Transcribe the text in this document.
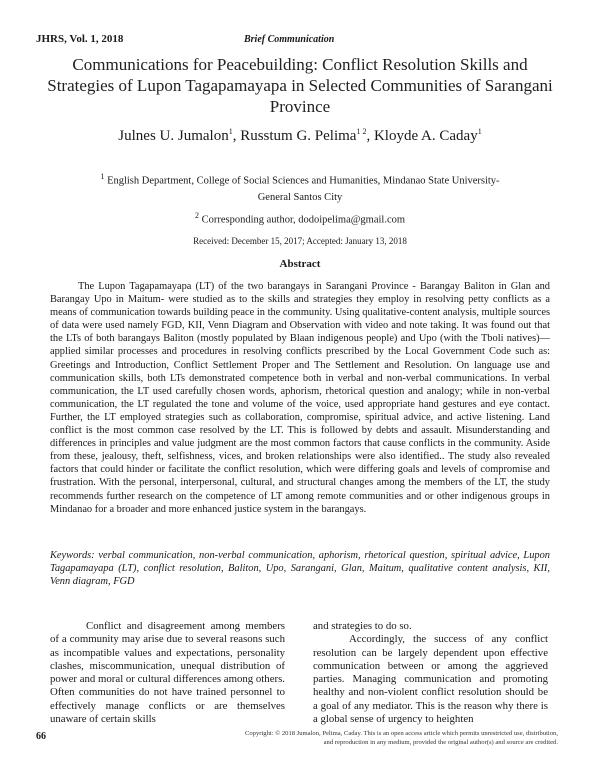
JHRS, Vol. 1, 2018	Brief Communication
Communications for Peacebuilding: Conflict Resolution Skills and Strategies of Lupon Tagapamayapa in Selected Communities of Sarangani Province
Julnes U. Jumalon$^1$, Russtum G. Pelima$^{1 2}$, Kloyde A. Caday$^1$
$^1$ English Department, College of Social Sciences and Humanities, Mindanao State University-
General Santos City
$^2$ Corresponding author, dodoipelima@gmail.com
Received: December 15, 2017; Accepted: January 13, 2018
Abstract

The Lupon Tagapamayapa (LT) of the two barangays in Sarangani Province - Barangay Baliton in Glan and Barangay Upo in Maitum- were studied as to the skills and strategies they employ in resolving petty conflicts as a means of communication towards building peace in the community. Using qualitative-content analysis, multiple sources of data were used namely FGD, KII, Venn Diagram and Observation with video and note taking. It was found out that the LTs of both barangays Baliton (mostly populated by Blaan indigenous people) and Upo (with the Tboli natives)—applied similar processes and procedures in resolving conflicts prescribed by the Local Government Code such as: Greetings and Introduction, Conflict Settlement Proper and The Settlement and Resolution. On language use and communication skills, both LTs demonstrated competence both in verbal and non-verbal communications. In verbal communication, the LT used carefully chosen words, aphorism, rhetorical question and analogy; while in non-verbal communication, the LT regulated the tone and volume of the voice, used appropriate hand gestures and eye contact. Further, the LT employed strategies such as collaboration, compromise, spiritual advice, and active listening. Land conflict is the most common case resolved by the LT. This is followed by debts and assault. Misunderstanding and differences in principles and value judgment are the most common factors that cause conflicts in the community. Aside from these, jealousy, theft, selfishness, vices, and broken relationships were also identified.. The study also revealed factors that could hinder or facilitate the conflict resolution, which were differing goals and levels of compromise and frustration. With the personal, interpersonal, cultural, and structural changes among the members of the LT, the study recommends further research on the competence of LT among remote communities and or other indigenous groups in Mindanao for a broader and more enhanced justice system in the barangays.

Keywords: verbal communication, non-verbal communication, aphorism, rhetorical question, spiritual advice, Lupon Tagapamayapa (LT), conflict resolution, Baliton, Upo, Sarangani, Glan, Maitum, qualitative content analysis, KII, Venn diagram, FGD

Conflict and disagreement among members of a community may arise due to several reasons such as incompatible values and expectations, personality clashes, miscommunication, unequal distribution of power and moral or cultural differences among others. Often communities do not have trained personnel to effectively manage conflicts or are themselves unaware of certain skills

and strategies to do so.

Accordingly, the success of any conflict resolution can be largely dependent upon effective communication between or among the aggrieved parties. Managing communication and promoting healthy and non-violent conflict resolution should be a goal of any mediator. This is the reason why there is a global sense of urgency to heighten

66	Copyright: © 2018 Jumalon, Pelima, Caday. This is an open access article which permits unrestricted use, distribution,
and reproduction in any medium, provided the original author(s) and source are credited.
